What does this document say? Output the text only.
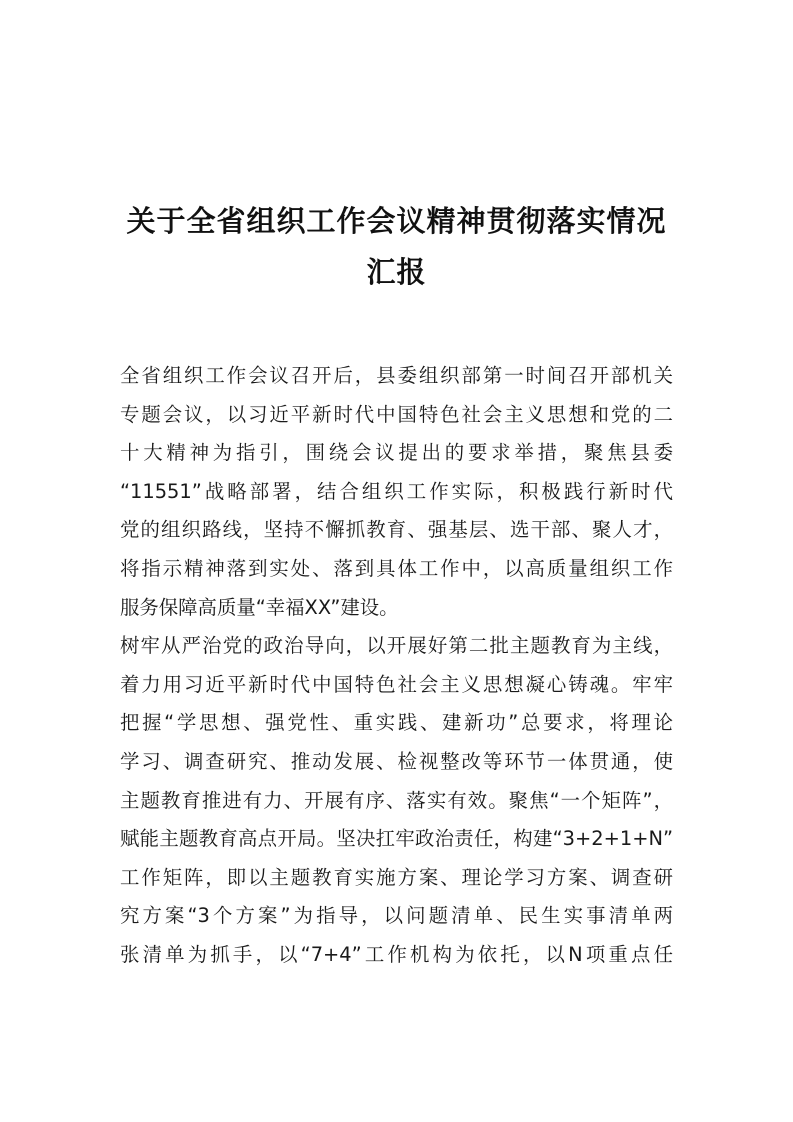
关于全省组织工作会议精神贯彻落实情况
汇报
全省组织工作会议召开后，县委组织部第一时间召开部机关
专题会议，以习近平新时代中国特色社会主义思想和党的二
十大精神为指引，围绕会议提出的要求举措，聚焦县委
“11551”战略部署，结合组织工作实际，积极践行新时代
党的组织路线，坚持不懈抓教育、强基层、选干部、聚人才，
将指示精神落到实处、落到具体工作中，以高质量组织工作
服务保障高质量“幸福XX”建设。
树牢从严治党的政治导向，以开展好第二批主题教育为主线，
着力用习近平新时代中国特色社会主义思想凝心铸魂。牢牢
把握“学思想、强党性、重实践、建新功”总要求，将理论
学习、调查研究、推动发展、检视整改等环节一体贯通，使
主题教育推进有力、开展有序、落实有效。聚焦“一个矩阵”，
赋能主题教育高点开局。坚决扛牢政治责任，构建“3+2+1+N”
工作矩阵，即以主题教育实施方案、理论学习方案、调查研
究方案“3个方案”为指导，以问题清单、民生实事清单两
张清单为抓手，以“7+4”工作机构为依托，以N项重点任
